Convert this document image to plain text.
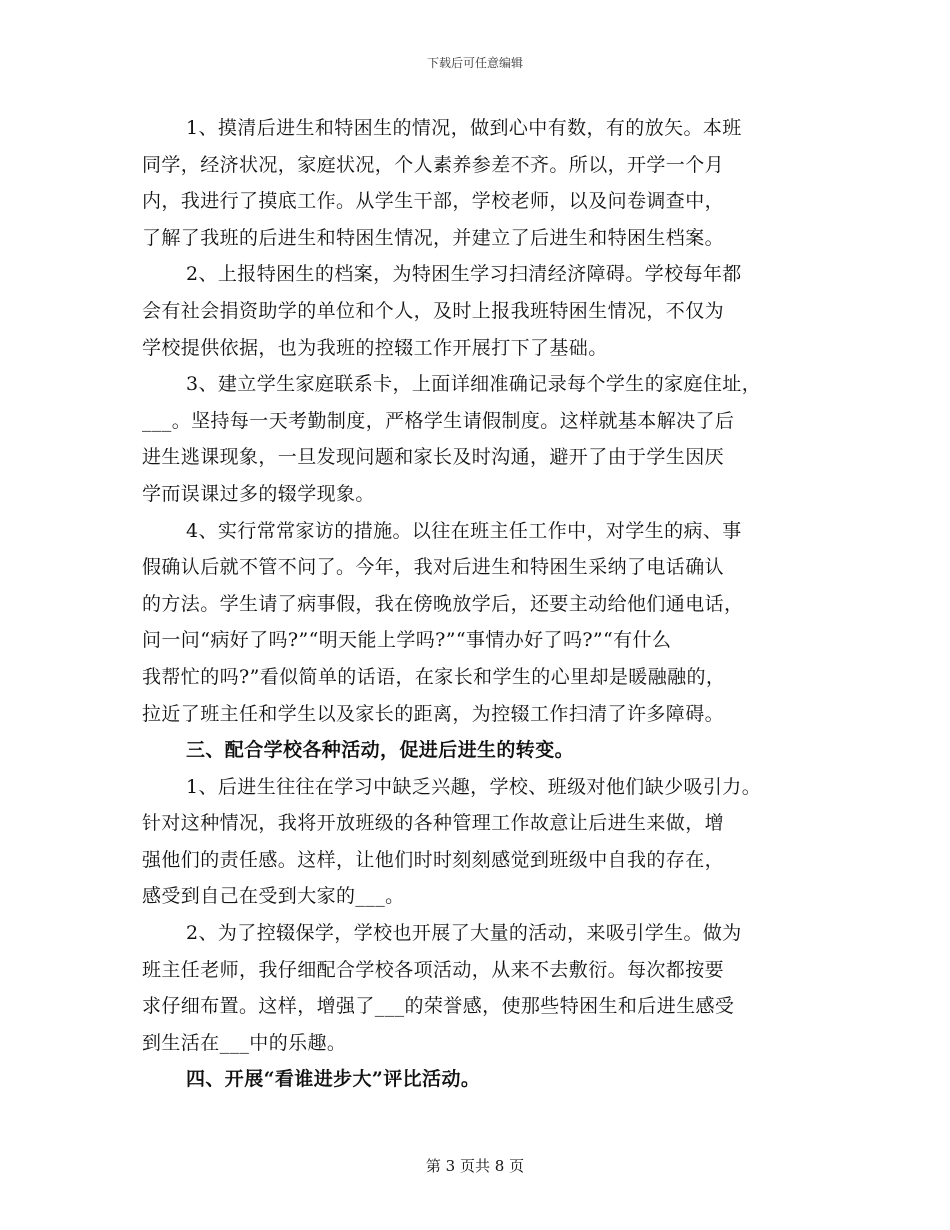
下载后可任意编辑
1、摸清后进生和特困生的情况，做到心中有数，有的放矢。本班
同学，经济状况，家庭状况，个人素养参差不齐。所以，开学一个月
内，我进行了摸底工作。从学生干部，学校老师，以及问卷调查中，
了解了我班的后进生和特困生情况，并建立了后进生和特困生档案。
2、上报特困生的档案，为特困生学习扫清经济障碍。学校每年都
会有社会捐资助学的单位和个人，及时上报我班特困生情况，不仅为
学校提供依据，也为我班的控辍工作开展打下了基础。
3、建立学生家庭联系卡，上面详细准确记录每个学生的家庭住址，
___。坚持每一天考勤制度，严格学生请假制度。这样就基本解决了后
进生逃课现象，一旦发现问题和家长及时沟通，避开了由于学生因厌
学而误课过多的辍学现象。
4、实行常常家访的措施。以往在班主任工作中，对学生的病、事
假确认后就不管不问了。今年，我对后进生和特困生采纳了电话确认
的方法。学生请了病事假，我在傍晚放学后，还要主动给他们通电话，
问一问“病好了吗?”“明天能上学吗?”“事情办好了吗?”“有什么
我帮忙的吗?”看似简单的话语，在家长和学生的心里却是暖融融的，
拉近了班主任和学生以及家长的距离，为控辍工作扫清了许多障碍。
三、配合学校各种活动，促进后进生的转变。
1、后进生往往在学习中缺乏兴趣，学校、班级对他们缺少吸引力。
针对这种情况，我将开放班级的各种管理工作故意让后进生来做，增
强他们的责任感。这样，让他们时时刻刻感觉到班级中自我的存在，
感受到自己在受到大家的___。
2、为了控辍保学，学校也开展了大量的活动，来吸引学生。做为
班主任老师，我仔细配合学校各项活动，从来不去敷衍。每次都按要
求仔细布置。这样，增强了___的荣誉感，使那些特困生和后进生感受
到生活在___中的乐趣。
四、开展“看谁进步大”评比活动。
第 3 页共 8 页
